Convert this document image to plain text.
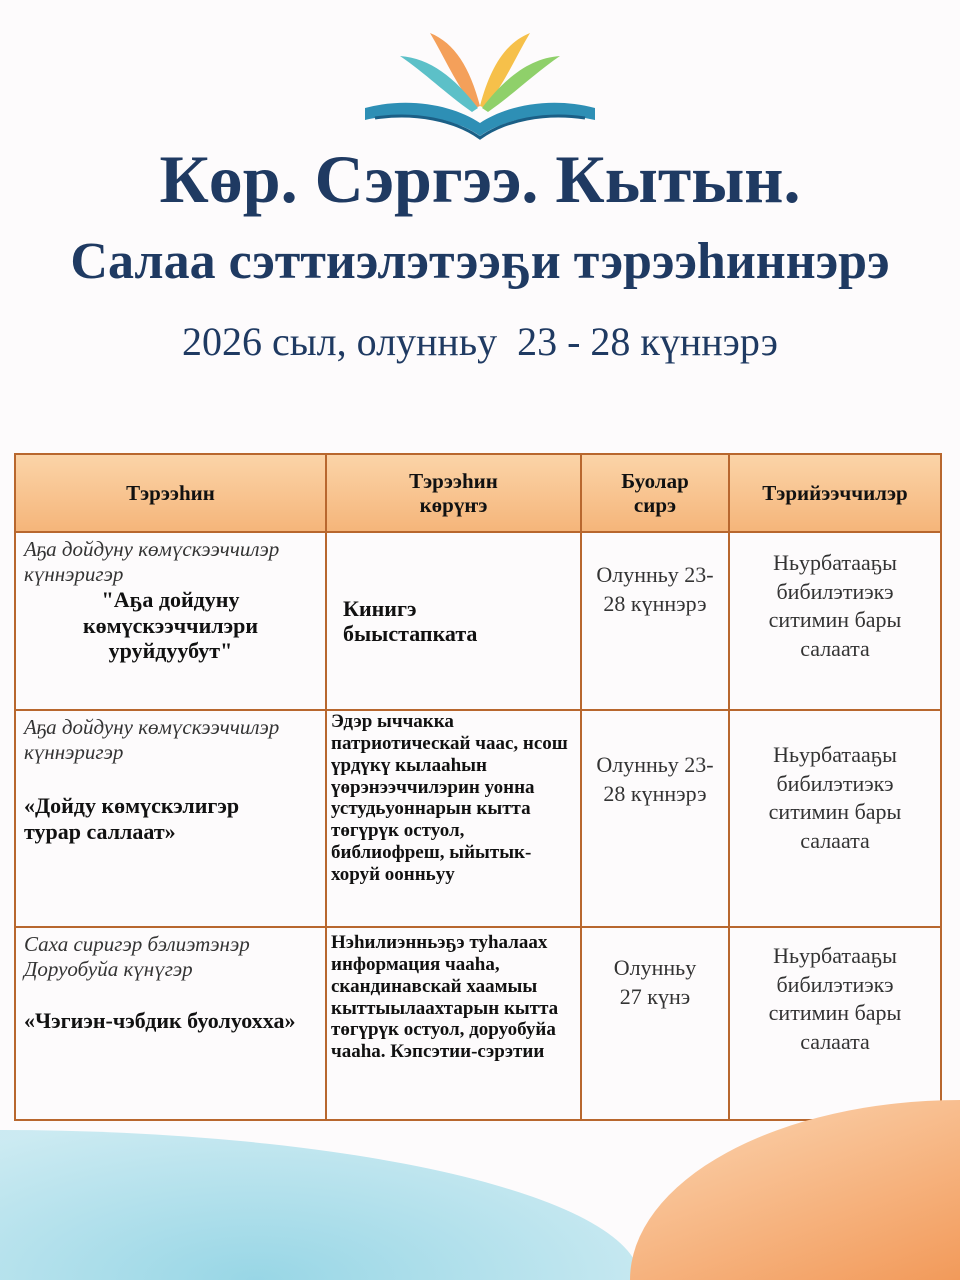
Көр. Сэргээ. Кытын.
Салаа сэттиэлэтээҕи тэрээһиннэрэ
2026 сыл, олунньу  23 - 28 күннэрэ
Тэрээһин	Тэрээһин көрүҥэ	Буолар сирэ	Тэрийээччилэр

Аҕа дойдуну көмүскээччилэр күннэригэр
"Аҕа дойдуну көмүскээччилэри уруйдуубут"	Кинигэ быыстапката	Олунньу 23-28 күннэрэ	Ньурбатааҕы бибилэтиэкэ ситимин бары салаата

Аҕа дойдуну көмүскээччилэр күннэригэр
«Дойду көмүскэлигэр турар саллаат»	Эдэр ыччакка патриотическай чаас, нсош үрдүкү кылааһын үөрэнээччилэрин уонна устудьуоннарын кытта төгүрүк остуол, библиофреш, ыйытык-хоруй оонньуу	Олунньу 23-28 күннэрэ	Ньурбатааҕы бибилэтиэкэ ситимин бары салаата

Саха сиригэр бэлиэтэнэр Доруобуйа күнүгэр
«Чэгиэн-чэбдик буолуохха»	Нэһилиэнньэҕэ туһалаах информация чааһа, скандинавскай хаамыы кыттыылаахтарын кытта төгүрүк остуол, доруобуйа чааһа. Кэпсэтии-сэрэтии	Олунньу 27 күнэ	Ньурбатааҕы бибилэтиэкэ ситимин бары салаата
